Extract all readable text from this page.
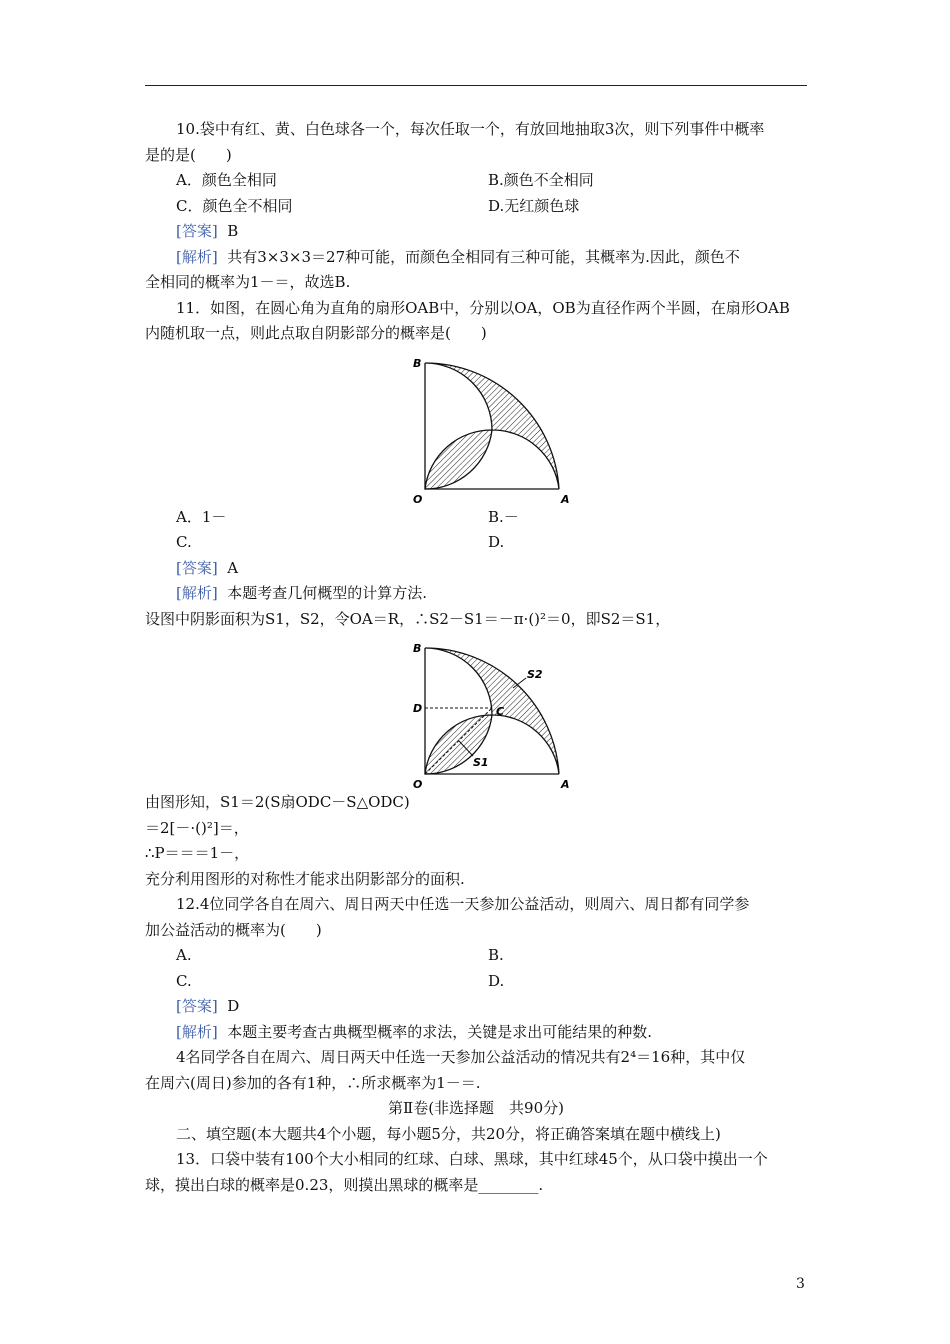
10.袋中有红、黄、白色球各一个，每次任取一个，有放回地抽取3次，则下列事件中概率
是的是(　　)
A．颜色全相同	B.颜色不全相同
C．颜色全不相同	D.无红颜色球
[答案] B
[解析] 共有3×3×3＝27种可能，而颜色全相同有三种可能，其概率为.因此，颜色不
全相同的概率为1－＝，故选B.
11．如图，在圆心角为直角的扇形OAB中，分别以OA，OB为直径作两个半圆，在扇形OAB
内随机取一点，则此点取自阴影部分的概率是(　　)
B
O	A
A．1－	B.－
C.	D.
[答案] A
[解析] 本题考查几何概型的计算方法.
设图中阴影面积为S1，S2，令OA＝R，∴S2－S1＝－π·()²＝0，即S2＝S1，
B
D	C
S2
S1
O	A
由图形知，S1＝2(S扇ODC－S△ODC)
＝2[－·()²]＝，
∴P＝＝＝1－，
充分利用图形的对称性才能求出阴影部分的面积.
12.4位同学各自在周六、周日两天中任选一天参加公益活动，则周六、周日都有同学参
加公益活动的概率为(　　)
A.	B.
C.	D.
[答案] D
[解析] 本题主要考查古典概型概率的求法，关键是求出可能结果的种数.
4名同学各自在周六、周日两天中任选一天参加公益活动的情况共有2⁴＝16种，其中仅
在周六(周日)参加的各有1种，∴所求概率为1－＝.
第Ⅱ卷(非选择题　共90分)
二、填空题(本大题共4个小题，每小题5分，共20分，将正确答案填在题中横线上)
13．口袋中装有100个大小相同的红球、白球、黑球，其中红球45个，从口袋中摸出一个
球，摸出白球的概率是0.23，则摸出黑球的概率是________.
3
